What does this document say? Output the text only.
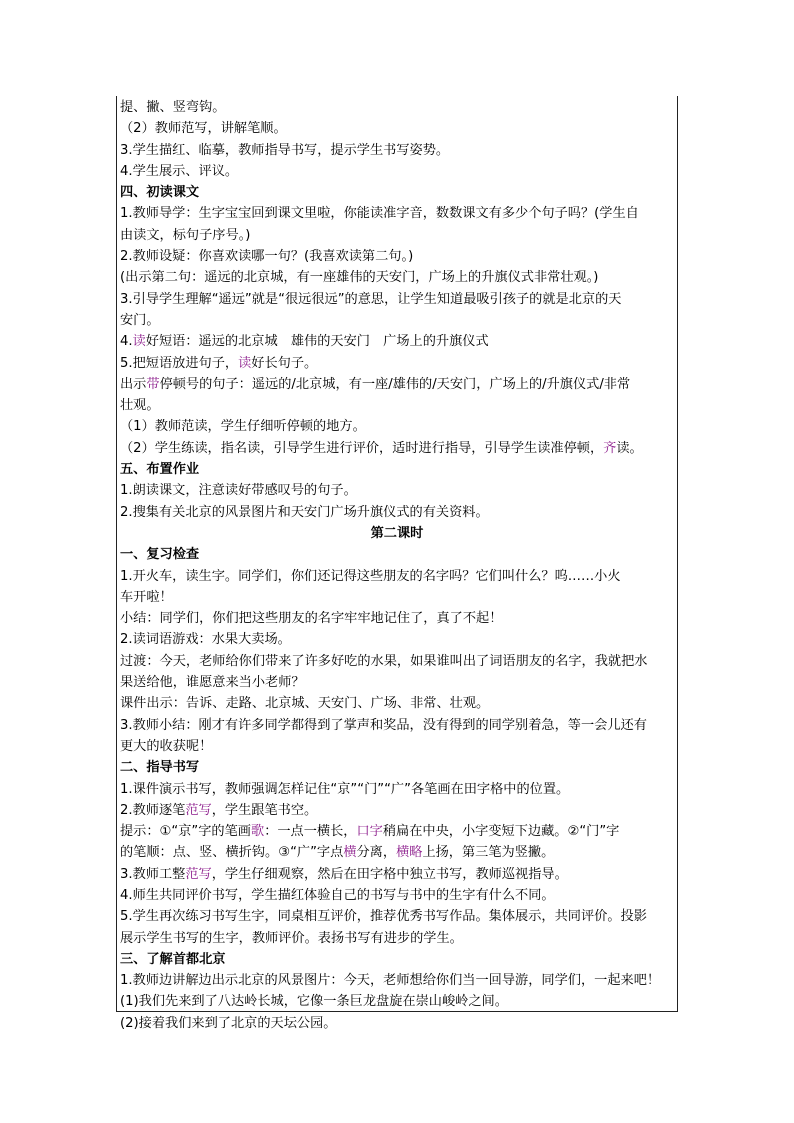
提、撇、竖弯钩。
（2）教师范写，讲解笔顺。
3.学生描红、临摹，教师指导书写，提示学生书写姿势。
4.学生展示、评议。
四、初读课文
1.教师导学：生字宝宝回到课文里啦，你能读准字音，数数课文有多少个句子吗？(学生自
由读文，标句子序号。)
2.教师设疑：你喜欢读哪一句？(我喜欢读第二句。)
(出示第二句：遥远的北京城，有一座雄伟的天安门，广场上的升旗仪式非常壮观。)
3.引导学生理解“遥远”就是“很远很远”的意思，让学生知道最吸引孩子的就是北京的天
安门。
4.读好短语：遥远的北京城　雄伟的天安门　广场上的升旗仪式
5.把短语放进句子，读好长句子。
出示带停顿号的句子：遥远的/北京城，有一座/雄伟的/天安门，广场上的/升旗仪式/非常
壮观。
（1）教师范读，学生仔细听停顿的地方。
（2）学生练读，指名读，引导学生进行评价，适时进行指导，引导学生读准停顿，齐读。
五、布置作业
1.朗读课文，注意读好带感叹号的句子。
2.搜集有关北京的风景图片和天安门广场升旗仪式的有关资料。
第二课时
一、复习检查
1.开火车，读生字。同学们，你们还记得这些朋友的名字吗？它们叫什么？呜……小火
车开啦！
小结：同学们，你们把这些朋友的名字牢牢地记住了，真了不起！
2.读词语游戏：水果大卖场。
过渡：今天，老师给你们带来了许多好吃的水果，如果谁叫出了词语朋友的名字，我就把水
果送给他，谁愿意来当小老师？
课件出示：告诉、走路、北京城、天安门、广场、非常、壮观。
3.教师小结：刚才有许多同学都得到了掌声和奖品，没有得到的同学别着急，等一会儿还有
更大的收获呢！
二、指导书写
1.课件演示书写，教师强调怎样记住“京”“门”“广”各笔画在田字格中的位置。
2.教师逐笔范写，学生跟笔书空。
提示：①“京”字的笔画歌：一点一横长，口字稍扁在中央，小字变短下边藏。②“门”字
的笔顺：点、竖、横折钩。③“广”字点横分离，横略上扬，第三笔为竖撇。
3.教师工整范写，学生仔细观察，然后在田字格中独立书写，教师巡视指导。
4.师生共同评价书写，学生描红体验自己的书写与书中的生字有什么不同。
5.学生再次练习书写生字，同桌相互评价，推荐优秀书写作品。集体展示，共同评价。投影
展示学生书写的生字，教师评价。表扬书写有进步的学生。
三、了解首都北京
1.教师边讲解边出示北京的风景图片：今天，老师想给你们当一回导游，同学们，一起来吧！
(1)我们先来到了八达岭长城，它像一条巨龙盘旋在崇山峻岭之间。
(2)接着我们来到了北京的天坛公园。
